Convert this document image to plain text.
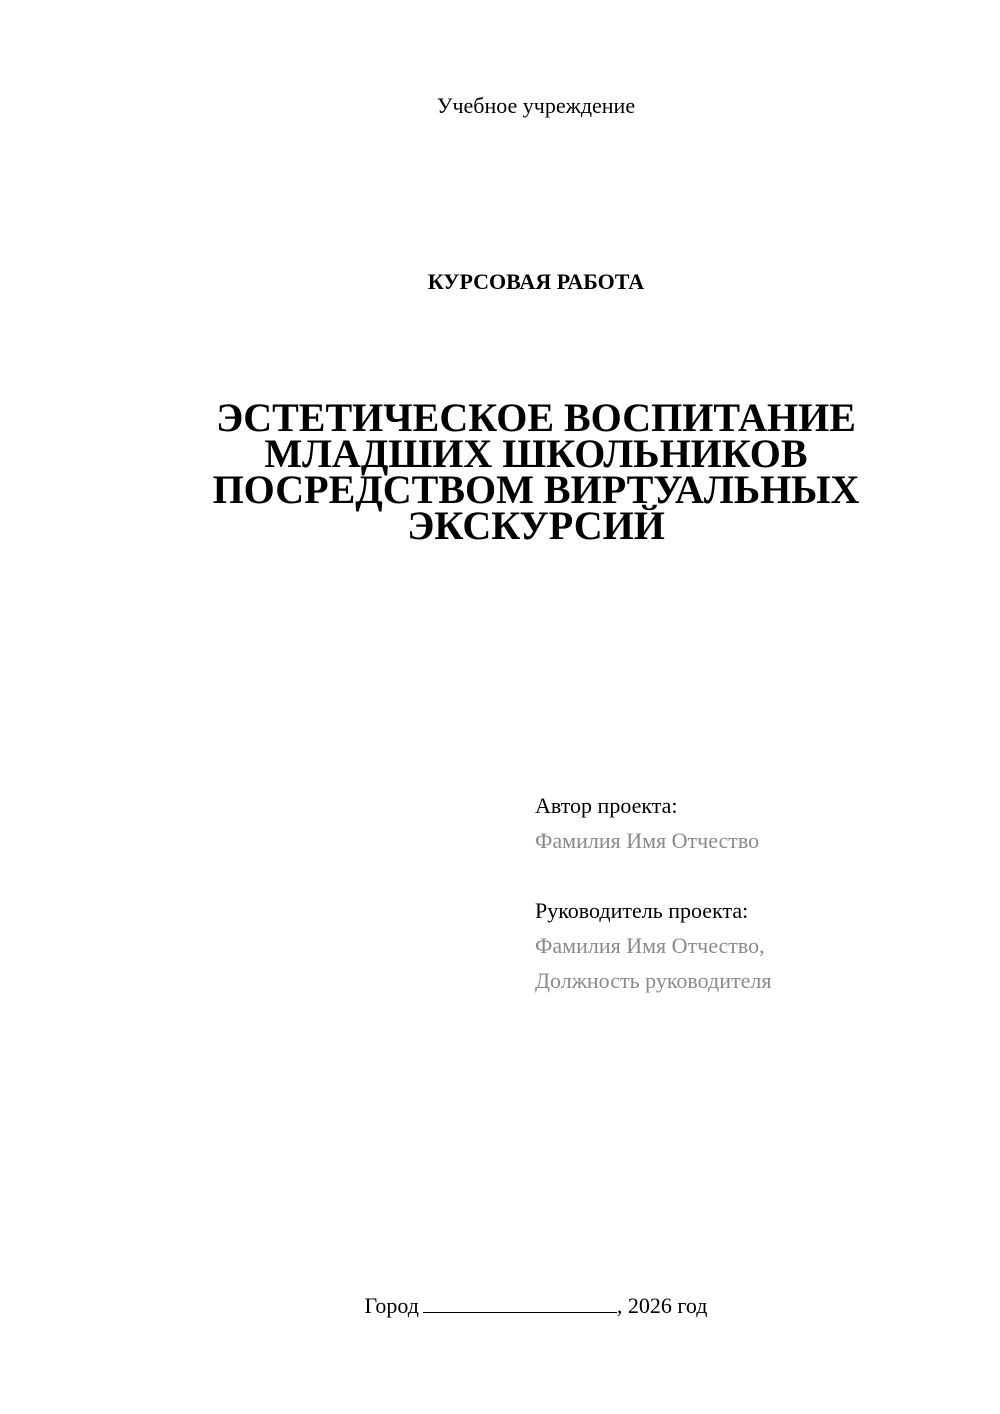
Учебное учреждение
КУРСОВАЯ РАБОТА
ЭСТЕТИЧЕСКОЕ ВОСПИТАНИЕ
МЛАДШИХ ШКОЛЬНИКОВ
ПОСРЕДСТВОМ ВИРТУАЛЬНЫХ
ЭКСКУРСИЙ
Автор проекта:
Фамилия Имя Отчество
Руководитель проекта:
Фамилия Имя Отчество,
Должность руководителя
Город	, 2026 год
